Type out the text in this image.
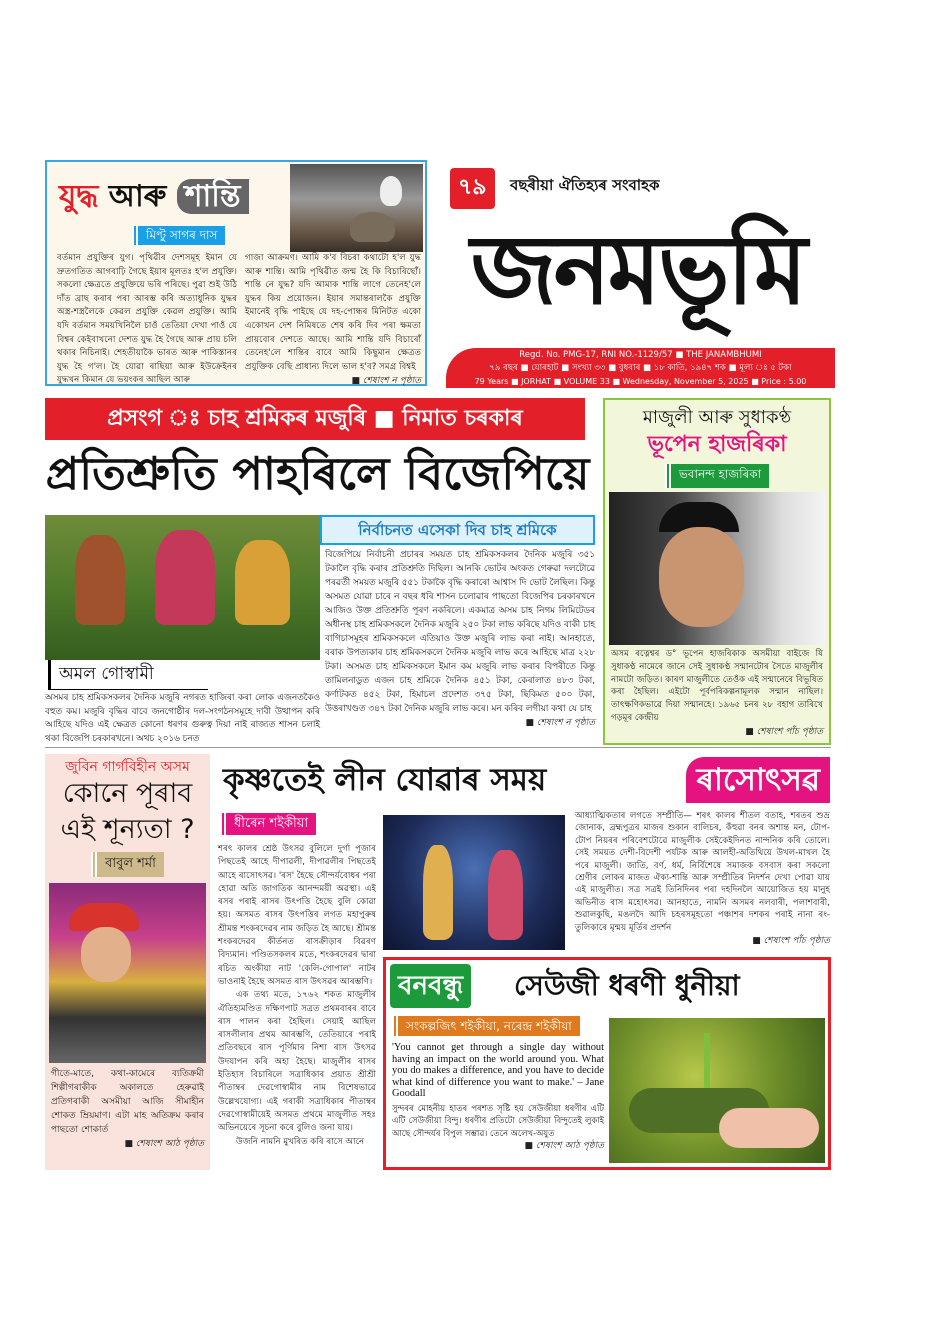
যুদ্ধ আৰু শান্তি
মিণ্টু সাগৰ দাস
বৰ্তমান প্ৰযুক্তিৰ যুগ। পৃথিৱীৰ দেশসমূহ ইমান যে দ্ৰুতগতিত আগবাঢ়ি গৈছে ইয়াৰ মূলতঃ হ'ল প্ৰযুক্তি। সকলো ক্ষেত্ৰতে প্ৰযুক্তিয়ে ভৰি পৰিছে। পুৱা শুই উঠি দাঁত ব্ৰাছ কৰাৰ পৰা আৰম্ভ কৰি অত্যাধুনিক যুদ্ধৰ অস্ত্ৰ-শস্ত্ৰলৈকে কেৱল প্ৰযুক্তি কেৱল প্ৰযুক্তি। আমি যদি বৰ্তমান সময়খিনিলৈ চাওঁ তেতিয়া দেখা পাওঁ যে বিশ্বৰ কেইবাখনো দেশত যুদ্ধ হৈ গৈছে আৰু প্ৰায় চলি থকাৰ নিচিনাই। শেহতীয়াকৈ ভাৰত আৰু পাকিস্তানৰ যুদ্ধ হৈ গ'ল। হৈ যোৱা ৰাছিয়া আৰু ইউক্ৰেইনৰ যুদ্ধখন কিমান যে ভয়ংকৰ আছিল আৰু
গাজা আক্ৰমণ। আমি ক'ব বিচৰা কথাটো হ'ল যুদ্ধ আৰু শান্তি। আমি পৃথিৱীত জন্ম হৈ কি বিচাৰিছোঁ। শান্তি নে যুদ্ধ? যদি আমাক শান্তি লাগে তেনেহ'লে যুদ্ধৰ কিয় প্ৰয়োজন। ইয়াৰ সমান্তৰালকৈ প্ৰযুক্তি ইমানেই বৃদ্ধি পাইছে যে দহ-পোন্ধৰ মিনিটত একো একোখন দেশ নিমিষতে শেষ কৰি দিব পৰা ক্ষমতা প্ৰায়বোৰ দেশতে আছে। আমি শান্তি যদি বিচাৰোঁ তেনেহ'লে শান্তিৰ বাবে আমি কিছুমান ক্ষেত্ৰত প্ৰযুক্তিক বেছি প্ৰাধান্য দিলে ভাল হ'ব? সমগ্ৰ বিশ্বই
■ শেষাংশ ন পৃষ্ঠাত
৭৯	বছৰীয়া ঐতিহ্যৰ সংবাহক
জনমভূমি
Regd. No. PMG-17, RNI NO.-1129/57 ■ THE JANAMBHUMI
৭৯ বছৰ ■ যোৰহাট ■ সংখ্যা ৩৩ ■ বুধবাৰ ■ ১৮ কাতি, ১৯৪৭ শক ■ মূল্য ঃ ৫ টকা
79 Years ■ JORHAT ■ VOLUME 33 ■ Wednesday, November 5, 2025 ■ Price : 5.00
প্ৰসংগ ঃ চাহ শ্ৰমিকৰ মজুৰি ■ নিমাত চৰকাৰ
প্ৰতিশ্ৰুতি পাহৰিলে বিজেপিয়ে
অমল গোস্বামী
অসমৰ চাহ শ্ৰমিকসকলৰ দৈনিক মজুৰি নগৰত হাজিৰা কৰা লোক এজনতকৈও বহুত কম। মজুৰি বৃদ্ধিৰ বাবে জনগোষ্ঠীৰ দল-সংগঠনসমূহে দাবী উত্থাপন কৰি আহিছে যদিও এই ক্ষেত্ৰত কোনো ধৰণৰ গুৰুত্ব দিয়া নাই ৰাজ্যত শাসন চলাই থকা বিজেপি চৰকাৰখনে। অথচ ২০১৬ চনত
নিৰ্বাচনত এসেকা দিব চাহ শ্ৰমিকে
বিজেপিয়ে নিৰ্বাচনী প্ৰচাৰৰ সময়ত চাহ শ্ৰমিকসকলৰ দৈনিক মজুৰি ৩৫১ টকালৈ বৃদ্ধি কৰাৰ প্ৰতিশ্ৰুতি দিছিল। আনকি ভোটৰ অংকত গেৰুৱা দলটোৱে পৰৱৰ্তী সময়ত মজুৰি ৫৫১ টকাকৈ বৃদ্ধি কৰাৰো আশ্বাস দি ভোট লৈছিল। কিন্তু অসমত যোৱা চাৰে ন বছৰ ধৰি শাসন চলোৱাৰ পাছতো বিজেপিৰ চৰকাৰখনে আজিও উক্ত প্ৰতিশ্ৰুতি পূৰণ নকৰিলে। একমাত্ৰ অসম চাহ নিগম লিমিটেডৰ অধীনস্থ চাহ শ্ৰমিকসকলে দৈনিক মজুৰি ২৫০ টকা লাভ কৰিছে যদিও বাকী চাহ বাগিচাসমূহৰ শ্ৰমিকসকলে এতিয়াও উক্ত মজুৰি লাভ কৰা নাই। আনহাতে, বৰাক উপত্যকাৰ চাহ শ্ৰমিকসকলে দৈনিক মজুৰি লাভ কৰে আহিছে মাত্ৰ ২২৮ টকা। অসমত চাহ শ্ৰমিকসকলে ইমান কম মজুৰি লাভ কৰাৰ বিপৰীতে কিন্তু তামিলনাডুত এজন চাহ শ্ৰমিকে দৈনিক ৪৫১ টকা, কেৰালাত ৪৮৩ টকা, কৰ্ণাটকত ৪৫২ টকা, হিমাচল প্ৰদেশত ৩৭৫ টকা, ছিকিমত ৫০০ টকা, উত্তৰাখণ্ডত ৩৪৭ টকা দৈনিক মজুৰি লাভ কৰে। মন কৰিব লগীয়া কথা যে চাহ
■ শেষাংশ ন পৃষ্ঠাত
মাজুলী আৰু সুধাকণ্ঠ
ভূপেন হাজৰিকা
ভবানন্দ হাজৰিকা
অসম ৰত্নেশ্বৰ ড° ভূপেন হাজৰিকাক অসমীয়া বাইজে যি সুধাকণ্ঠ নামেৰে জানে সেই সুধাকণ্ঠ সন্মানটোৰ সৈতে মাজুলীৰ নামটো জড়িত। কাৰণ মাজুলীতে তেওঁক এই সন্মানেৰে বিভূষিত কৰা হৈছিল। এইটো পূৰ্বপৰিকল্পনামূলক সন্মান নাছিল। তাৎক্ষণিকভাৱে দিয়া সন্মানহে। ১৯৬৫ চনৰ ২৮ বহাগ তাৰিখে গড়মূৰ কেন্দ্ৰীয়
■ শেষাংশ পাঁচ পৃষ্ঠাত
জুবিন গাৰ্গবিহীন অসম
কোনে পূৰাব এই শূন্যতা ?
বাবুল শৰ্মা
গীতে-মাতে, কথা-কামেৰে ব্যতিক্ৰমী শিল্পীগৰাকীক অকালতে হেৰুৱাই প্ৰতিগৰাকী অসমীয়া আজি সীমাহীন শোকত ম্ৰিয়মাণ। এটা মাহ অতিক্ৰম কৰাৰ পাছতো শোকাৰ্ত
■ শেষাংশ আঠ পৃষ্ঠাত
কৃষ্ণতেই লীন যোৱাৰ সময়	ৰাসোৎসৱ
ধীৰেন শইকীয়া
শৰৎ কালৰ শ্ৰেষ্ঠ উৎসৱ বুলিলে দুৰ্গা পূজাৰ পিছতেই আহে দীপাৱলী, দীপাৱলীৰ পিছতেই আহে ৰাসোৎসৱ। 'ৰস' হৈছে সৌন্দৰ্যবোধৰ পৰা হোৱা অতি জাগতিক আনন্দময়ী অৱস্থা। এই ৰসৰ পৰাই ৰাসৰ উৎপত্তি হৈছে বুলি কোৱা হয়। অসমত ৰাসৰ উৎপত্তিৰ লগত মহাপুৰুষ শ্ৰীমন্ত শংকৰদেৱৰ নাম জড়িত হৈ আছে। শ্ৰীমন্ত শংকৰদেৱৰ কীৰ্তনত ৰাসক্ৰীড়াৰ বিৱৰণ বিদ্যমান। পণ্ডিতসকলৰ মতে, শংকৰদেৱৰ দ্বাৰা ৰচিত অংকীয়া নাট 'কেলি-গোপাল' নাটৰ ভাওনাই হৈছে অসমত ৰাস উৎসৱৰ আৰম্ভণি।
এক তথ্য মতে, ১৭৬২ শকত মাজুলীৰ ঐতিহ্যমণ্ডিত দক্ষিণপাট সত্ৰত প্ৰথমবাৰৰ বাবে ৰাস পালন কৰা হৈছিল। সেয়াই আছিল ৰাসলীলাৰ প্ৰথম আৰম্ভণি, তেতিয়াৰে পৰাই প্ৰতিবছৰে ৰাস পূৰ্ণিমাৰ নিশা ৰাস উৎসৱ উদযাপন কৰি অহা হৈছে। মাজুলীৰ ৰাসৰ ইতিহাস বিচাৰিলে সত্ৰাধিকাৰ প্ৰয়াত শ্ৰীশ্ৰী পীতাম্বৰ দেৱগোস্বামীৰ নাম বিশেষভাৱে উল্লেখযোগ্য। এই গৰাকী সত্ৰাধিকাৰ পীতাম্বৰ দেৱগোস্বামীয়েই অসমত প্ৰথমে মাজুলীত সহঃ অভিনয়েৰে সূচনা কৰে বুলিও জনা যায়।
উজনি নামনি মুখৰিত কৰি ৰাসে আনে
আধ্যাত্মিকতাৰ লগতে সম্প্ৰীতি— শৰৎ কালৰ শীতল বতাহ, শৰতৰ শুভ্ৰ জোনাক, ব্ৰহ্মপুত্ৰৰ মাজৰ শুকান বালিচৰ, কঁহুৱা বনৰ অশান্ত মন, টোপ-টোপ নিয়ৰৰ পৰিবেশটোৱে মাজুলীক সেইকেইদিনত নান্দনিক কৰি তোলে। সেই সময়ত দেশী-বিদেশী পৰ্যটক আৰু আলহী-অতিথিয়ে উখল-মাখল হৈ পৰে মাজুলী। জাতি, বৰ্ণ, ধৰ্ম, নিৰ্বিশেষে সমাজক বসবাস কৰা সকলো শ্ৰেণীৰ লোকৰ মাজত ঐক্য-শান্তি আৰু সম্প্ৰীতিৰ নিদৰ্শন দেখা পোৱা যায় এই মাজুলীত। সত্ৰ সত্ৰই তিনিদিনৰ পৰা দহদিনলৈ আয়োজিত হয় মানুহ অভিনীত ৰাস মহোৎসৱ। আনহাতে, নামনি অসমৰ নলবাৰী, পলাশবাৰী, শুৱালকুছি, মঙলদৈ আদি চহৰসমূহতো পঞ্চাশৰ দশকৰ পৰাই নানা ৰং-তুলিকাৰে মৃন্ময় মূৰ্তিৰ প্ৰদৰ্শন
■ শেষাংশ পাঁচ পৃষ্ঠাত
বনবন্ধু সেউজী ধৰণী ধুনীয়া
সংকল্পজিৎ শইকীয়া, নৰেন্দ্ৰ শইকীয়া
'You cannot get through a single day without having an impact on the world around you. What you do makes a difference, and you have to decide what kind of difference you want to make.' – Jane Goodall
সুন্দৰৰ মোহনীয় হাতৰ পৰশত সৃষ্টি হয় সেউজীয়া ধৰণীৰ এটি এটি সেউজীয়া বিন্দু। ধৰণীৰ প্ৰতিটো সেউজীয়া বিন্দুতেই লুকাই আছে সৌন্দৰ্যৰ বিপুল সম্ভাৱ। তেনে অলেখ-অযুত
■ শেষাংশ আঠ পৃষ্ঠাত
